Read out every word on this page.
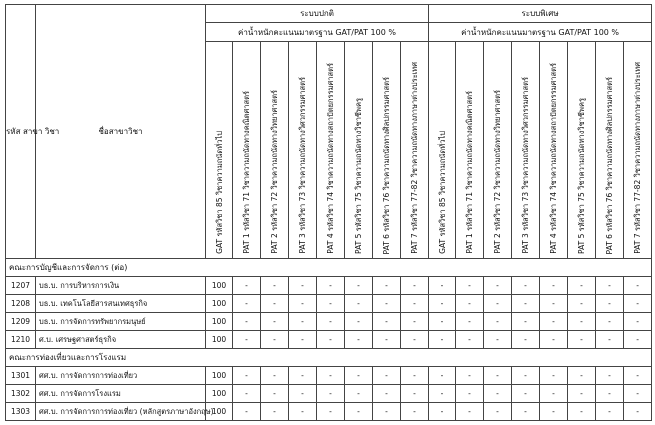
รหัส สาขา วิชา	ชื่อสาขาวิชา	ระบบปกติ								ระบบพิเศษ							
		ค่าน้ำหนักคะแนนมาตรฐาน GAT/PAT 100 %								ค่าน้ำหนักคะแนนมาตรฐาน GAT/PAT 100 %							

		GAT รหัสวิชา 85 วิชาความถนัดทั่วไป	PAT 1 รหัสวิชา 71 วิชาความถนัดทางคณิตศาสตร์	PAT 2 รหัสวิชา 72 วิชาความถนัดทางวิทยาศาสตร์	PAT 3 รหัสวิชา 73 วิชาความถนัดทางวิศวกรรมศาสตร์	PAT 4 รหัสวิชา 74 วิชาความถนัดทางสถาปัตยกรรมศาสตร์	PAT 5 รหัสวิชา 75 วิชาความถนัดทางวิชาชีพครู	PAT 6 รหัสวิชา 76 วิชาความถนัดทางศิลปกรรมศาสตร์	PAT 7 รหัสวิชา 77-82 วิชาความถนัดทางภาษาต่างประเทศ	GAT รหัสวิชา 85 วิชาความถนัดทั่วไป	PAT 1 รหัสวิชา 71 วิชาความถนัดทางคณิตศาสตร์	PAT 2 รหัสวิชา 72 วิชาความถนัดทางวิทยาศาสตร์	PAT 3 รหัสวิชา 73 วิชาความถนัดทางวิศวกรรมศาสตร์	PAT 4 รหัสวิชา 74 วิชาความถนัดทางสถาปัตยกรรมศาสตร์	PAT 5 รหัสวิชา 75 วิชาความถนัดทางวิชาชีพครู	PAT 6 รหัสวิชา 76 วิชาความถนัดทางศิลปกรรมศาสตร์	PAT 7 รหัสวิชา 77-82 วิชาความถนัดทางภาษาต่างประเทศ

คณะการบัญชีและการจัดการ (ต่อ)																	
1207	บธ.บ. การบริหารการเงิน	100	-	-	-	-	-	-	-	-	-	-	-	-	-	-	-
1208	บธ.บ. เทคโนโลยีสารสนเทศธุรกิจ	100	-	-	-	-	-	-	-	-	-	-	-	-	-	-	-
1209	บธ.บ. การจัดการทรัพยากรมนุษย์	100	-	-	-	-	-	-	-	-	-	-	-	-	-	-	-
1210	ศ.บ. เศรษฐศาสตร์ธุรกิจ	100	-	-	-	-	-	-	-	-	-	-	-	-	-	-	-
คณะการท่องเที่ยวและการโรงแรม																	
1301	ศศ.บ. การจัดการการท่องเที่ยว	100	-	-	-	-	-	-	-	-	-	-	-	-	-	-	-
1302	ศศ.บ. การจัดการโรงแรม	100	-	-	-	-	-	-	-	-	-	-	-	-	-	-	-
1303	ศศ.บ. การจัดการการท่องเที่ยว (หลักสูตรภาษาอังกฤษ)	100	-	-	-	-	-	-	-	-	-	-	-	-	-	-	-
